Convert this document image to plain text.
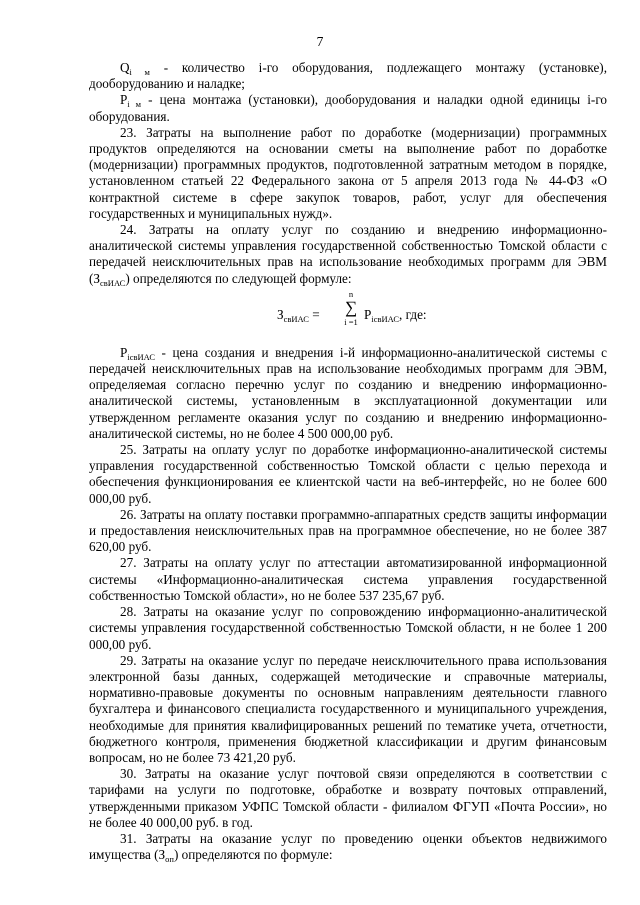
7

$Q_{i м}$ - количество i-го оборудования, подлежащего монтажу (установке), дооборудованию и наладке;

$P_{i м}$ - цена монтажа (установки), дооборудования и наладки одной единицы i-го оборудования.

23. Затраты на выполнение работ по доработке (модернизации) программных продуктов определяются на основании сметы на выполнение работ по доработке (модернизации) программных продуктов, подготовленной затратным методом в порядке, установленном статьей 22 Федерального закона от 5 апреля 2013 года № 44-ФЗ «О контрактной системе в сфере закупок товаров, работ, услуг для обеспечения государственных и муниципальных нужд».

24. Затраты на оплату услуг по созданию и внедрению информационно-аналитической системы управления государственной собственностью Томской области с передачей неисключительных прав на использование необходимых программ для ЭВМ $(З_{свИАС})$ определяются по следующей формуле:

$З_{свИАС}$ =
n
∑
i =1 $P_{iсвИАС}$, где:

$P_{iсвИАС}$ - цена создания и внедрения i-й информационно-аналитической системы с передачей неисключительных прав на использование необходимых программ для ЭВМ, определяемая согласно перечню услуг по созданию и внедрению информационно-аналитической системы, установленным в эксплуатационной документации или утвержденном регламенте оказания услуг по созданию и внедрению информационно-аналитической системы, но не более 4 500 000,00 руб.

25. Затраты на оплату услуг по доработке информационно-аналитической системы управления государственной собственностью Томской области с целью перехода и обеспечения функционирования ее клиентской части на веб-интерфейс, но не более 600 000,00 руб.

26. Затраты на оплату поставки программно-аппаратных средств защиты информации и предоставления неисключительных прав на программное обеспечение, но не более 387 620,00 руб.

27. Затраты на оплату услуг по аттестации автоматизированной информационной системы «Информационно-аналитическая система управления государственной собственностью Томской области», но не более 537 235,67 руб.

28. Затраты на оказание услуг по сопровождению информационно-аналитической системы управления государственной собственностью Томской области, н не более 1 200 000,00 руб.

29. Затраты на оказание услуг по передаче неисключительного права использования электронной базы данных, содержащей методические и справочные материалы, нормативно-правовые документы по основным направлениям деятельности главного бухгалтера и финансового специалиста государственного и муниципального учреждения, необходимые для принятия квалифицированных решений по тематике учета, отчетности, бюджетного контроля, применения бюджетной классификации и другим финансовым вопросам, но не более 73 421,20 руб.

30. Затраты на оказание услуг почтовой связи определяются в соответствии с тарифами на услуги по подготовке, обработке и возврату почтовых отправлений, утвержденными приказом УФПС Томской области - филиалом ФГУП «Почта России», но не более 40 000,00 руб. в год.

31. Затраты на оказание услуг по проведению оценки объектов недвижимого имущества $(З_{оп})$ определяются по формуле:
